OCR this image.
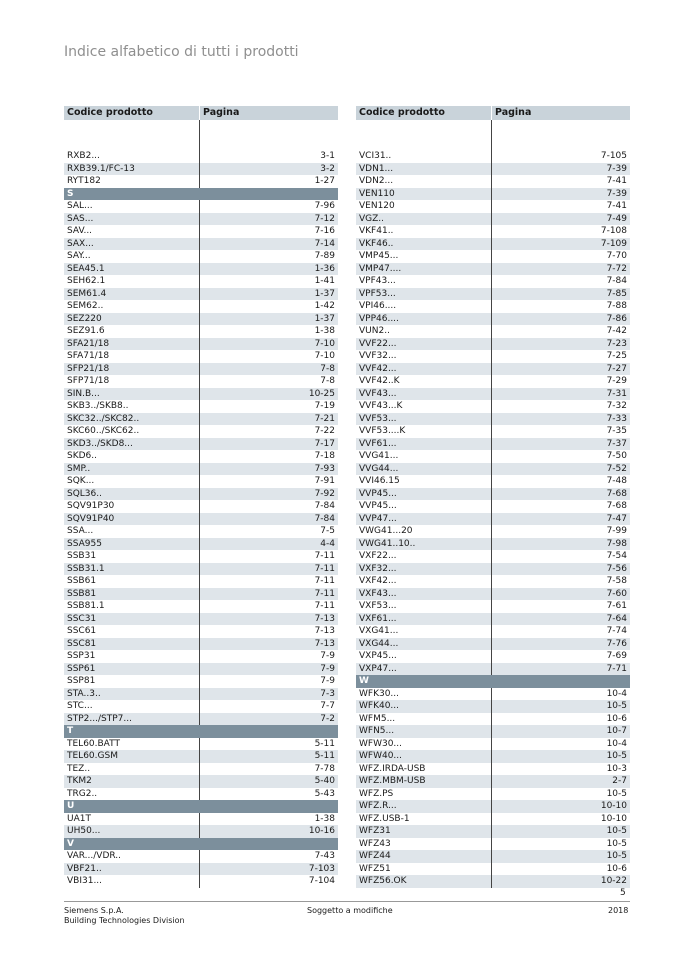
Indice alfabetico di tutti i prodotti
Codice prodotto	Pagina
RXB2...	3-1
RXB39.1/FC-13	3-2
RYT182	1-27
S
SAL...	7-96
SAS...	7-12
SAV...	7-16
SAX...	7-14
SAY...	7-89
SEA45.1	1-36
SEH62.1	1-41
SEM61.4	1-37
SEM62..	1-42
SEZ220	1-37
SEZ91.6	1-38
SFA21/18	7-10
SFA71/18	7-10
SFP21/18	7-8
SFP71/18	7-8
SIN.B...	10-25
SKB3../SKB8..	7-19
SKC32../SKC82..	7-21
SKC60../SKC62..	7-22
SKD3../SKD8...	7-17
SKD6..	7-18
SMP..	7-93
SQK...	7-91
SQL36..	7-92
SQV91P30	7-84
SQV91P40	7-84
SSA...	7-5
SSA955	4-4
SSB31	7-11
SSB31.1	7-11
SSB61	7-11
SSB81	7-11
SSB81.1	7-11
SSC31	7-13
SSC61	7-13
SSC81	7-13
SSP31	7-9
SSP61	7-9
SSP81	7-9
STA..3..	7-3
STC...	7-7
STP2.../STP7...	7-2
T
TEL60.BATT	5-11
TEL60.GSM	5-11
TEZ..	7-78
TKM2	5-40
TRG2..	5-43
U
UA1T	1-38
UH50...	10-16
V
VAR.../VDR..	7-43
VBF21..	7-103
VBI31...	7-104
Codice prodotto	Pagina
VCI31..	7-105
VDN1...	7-39
VDN2...	7-41
VEN110	7-39
VEN120	7-41
VGZ..	7-49
VKF41..	7-108
VKF46..	7-109
VMP45...	7-70
VMP47....	7-72
VPF43...	7-84
VPF53...	7-85
VPI46....	7-88
VPP46....	7-86
VUN2..	7-42
VVF22...	7-23
VVF32...	7-25
VVF42...	7-27
VVF42..K	7-29
VVF43...	7-31
VVF43...K	7-32
VVF53...	7-33
VVF53....K	7-35
VVF61...	7-37
VVG41...	7-50
VVG44...	7-52
VVI46.15	7-48
VVP45...	7-68
VVP45...	7-68
VVP47...	7-47
VWG41...20	7-99
VWG41..10..	7-98
VXF22...	7-54
VXF32...	7-56
VXF42...	7-58
VXF43...	7-60
VXF53...	7-61
VXF61...	7-64
VXG41...	7-74
VXG44...	7-76
VXP45...	7-69
VXP47...	7-71
W
WFK30...	10-4
WFK40...	10-5
WFM5...	10-6
WFN5...	10-7
WFW30...	10-4
WFW40...	10-5
WFZ.IRDA-USB	10-3
WFZ.MBM-USB	2-7
WFZ.PS	10-5
WFZ.R...	10-10
WFZ.USB-1	10-10
WFZ31	10-5
WFZ43	10-5
WFZ44	10-5
WFZ51	10-6
WFZ56.OK	10-22
5
Siemens S.p.A.
Building Technologies Division
Soggetto a modifiche	2018
